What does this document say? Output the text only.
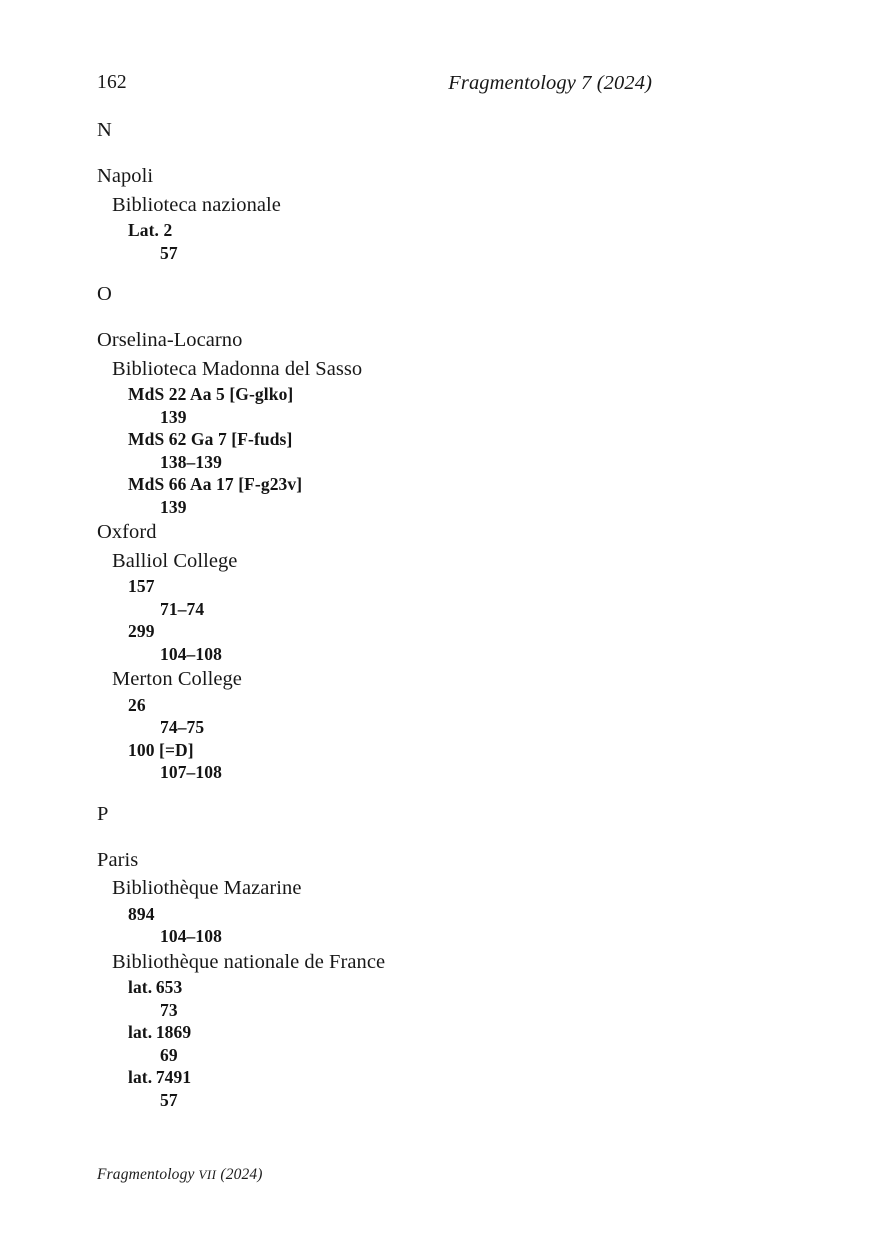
162	Fragmentology 7 (2024)
N
Napoli
Biblioteca nazionale
Lat. 2
57
O
Orselina-Locarno
Biblioteca Madonna del Sasso
MdS 22 Aa 5 [G-glko]
139
MdS 62 Ga 7 [F-fuds]
138–139
MdS 66 Aa 17 [F-g23v]
139
Oxford
Balliol College
157
71–74
299
104–108
Merton College
26
74–75
100 [=D]
107–108
P
Paris
Bibliothèque Mazarine
894
104–108
Bibliothèque nationale de France
lat. 653
73
lat. 1869
69
lat. 7491
57
Fragmentology VII (2024)
